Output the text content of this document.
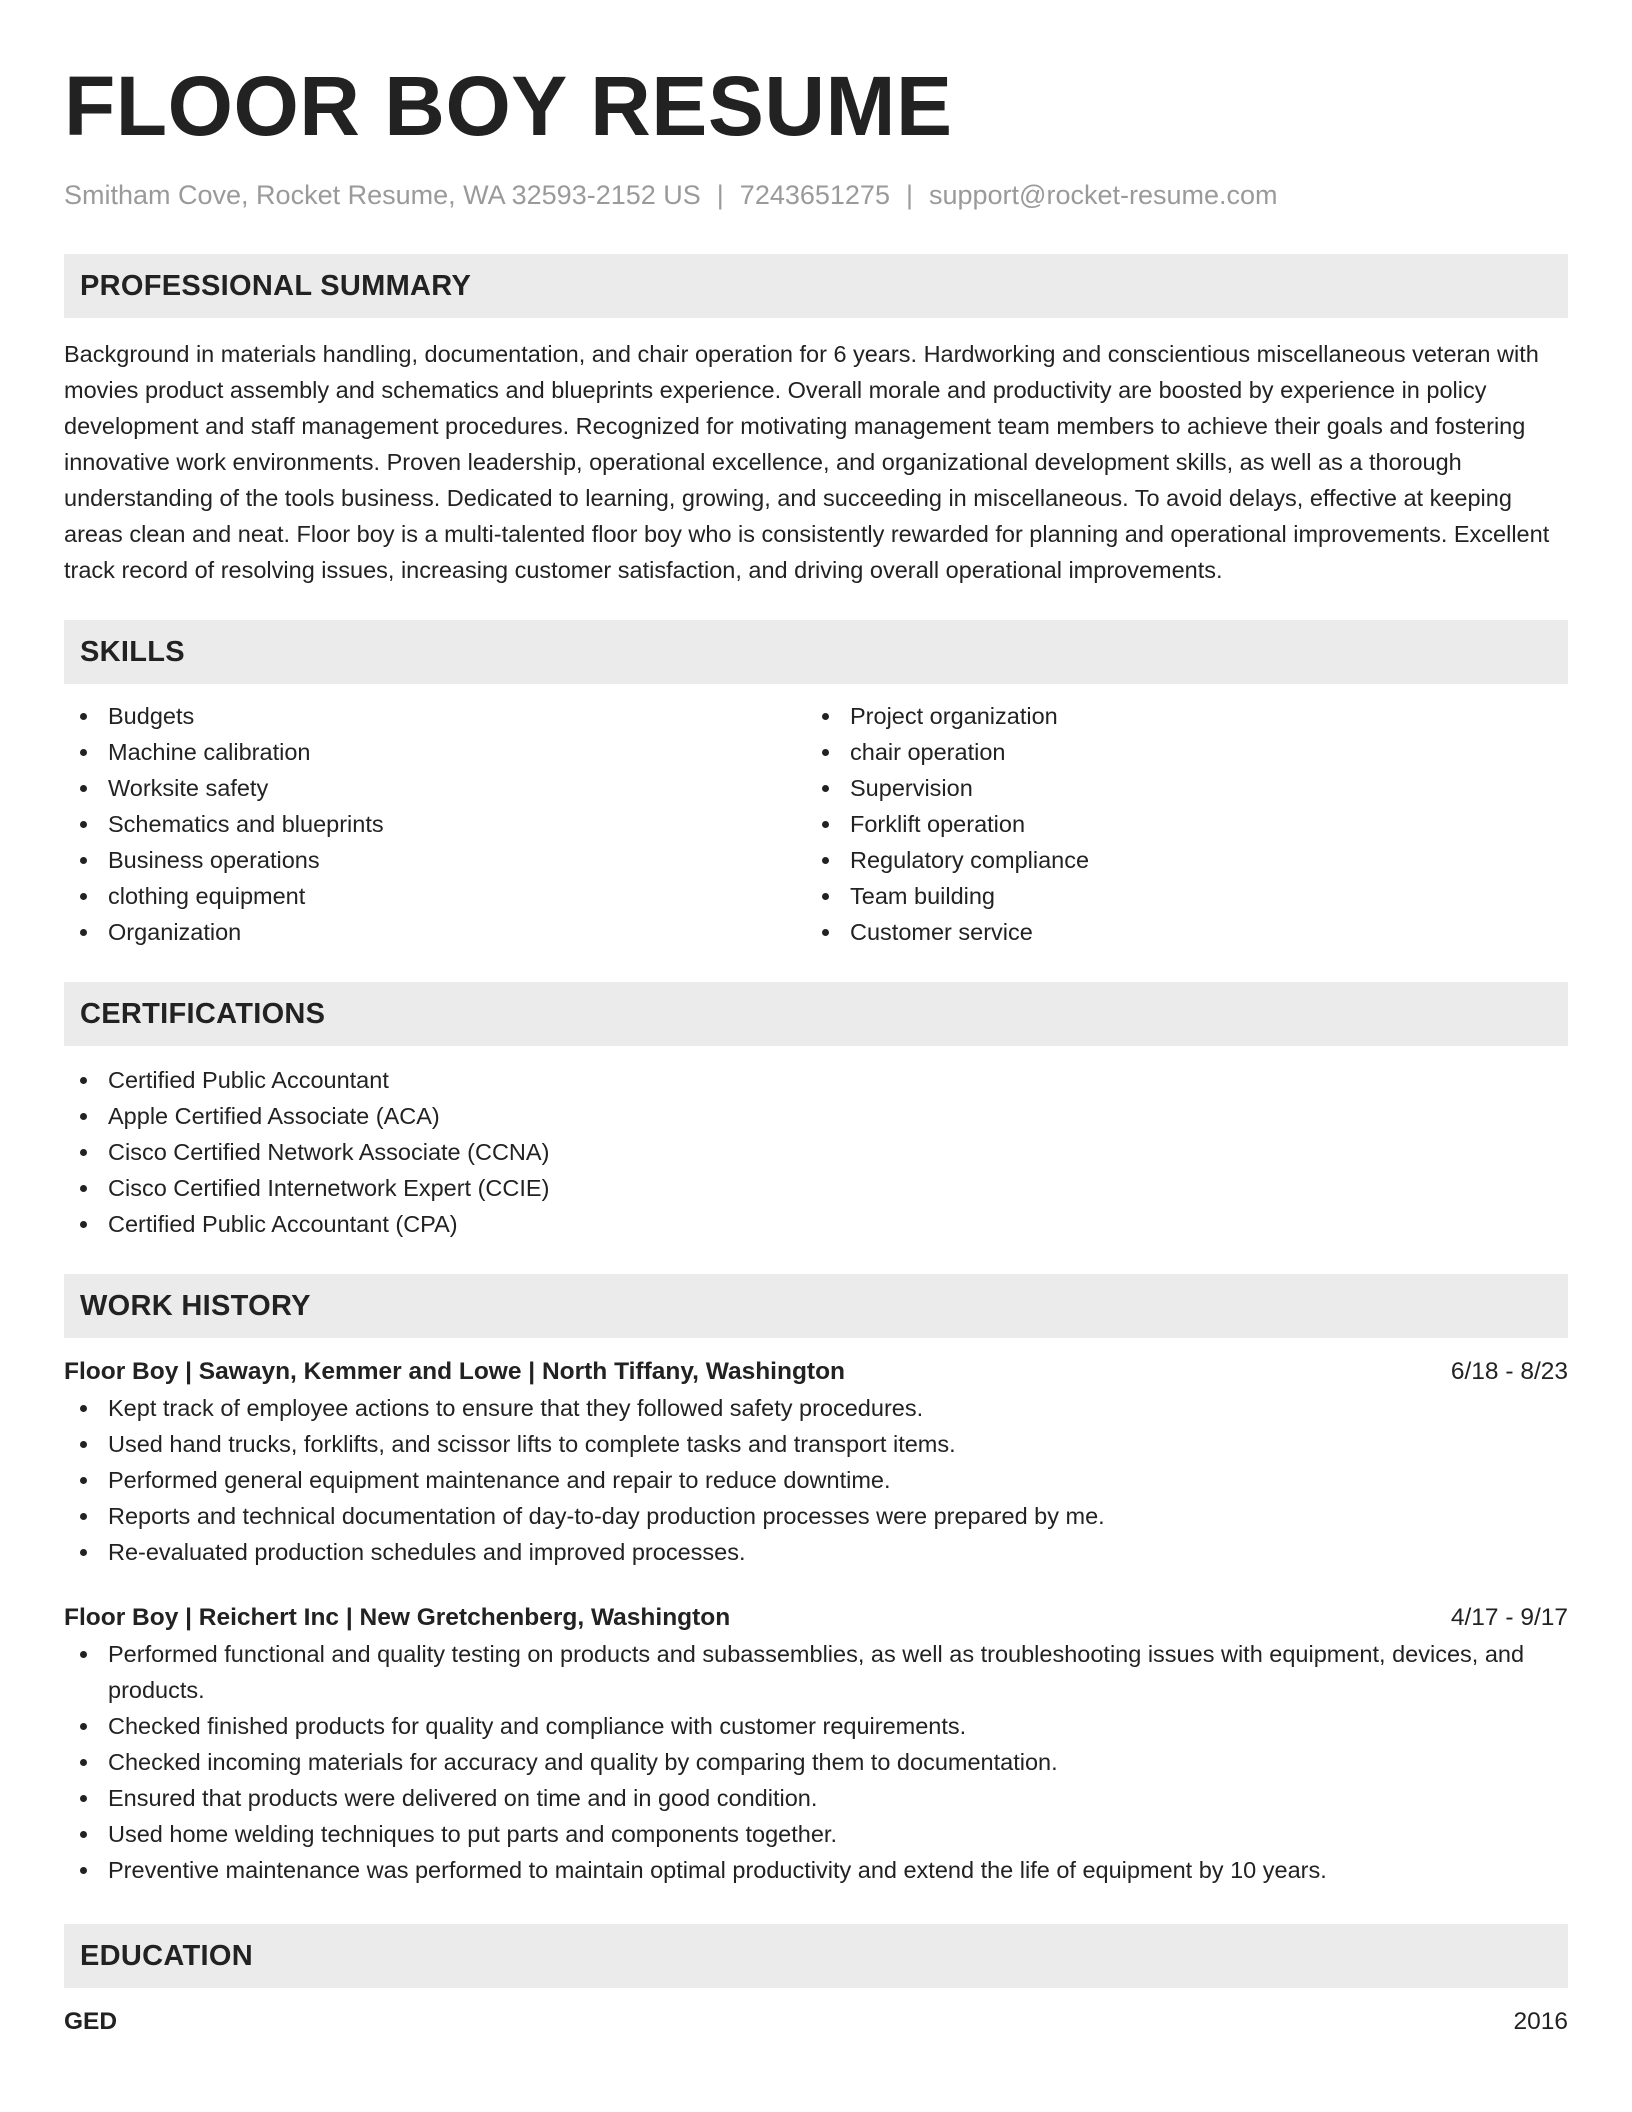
FLOOR BOY RESUME
Smitham Cove, Rocket Resume, WA 32593-2152 US | 7243651275 | support@rocket-resume.com
PROFESSIONAL SUMMARY
Background in materials handling, documentation, and chair operation for 6 years. Hardworking and conscientious miscellaneous veteran with movies product assembly and schematics and blueprints experience. Overall morale and productivity are boosted by experience in policy development and staff management procedures. Recognized for motivating management team members to achieve their goals and fostering innovative work environments. Proven leadership, operational excellence, and organizational development skills, as well as a thorough understanding of the tools business. Dedicated to learning, growing, and succeeding in miscellaneous. To avoid delays, effective at keeping areas clean and neat. Floor boy is a multi-talented floor boy who is consistently rewarded for planning and operational improvements. Excellent track record of resolving issues, increasing customer satisfaction, and driving overall operational improvements.
SKILLS
Budgets
Machine calibration
Worksite safety
Schematics and blueprints
Business operations
clothing equipment
Organization
Project organization
chair operation
Supervision
Forklift operation
Regulatory compliance
Team building
Customer service
CERTIFICATIONS
Certified Public Accountant
Apple Certified Associate (ACA)
Cisco Certified Network Associate (CCNA)
Cisco Certified Internetwork Expert (CCIE)
Certified Public Accountant (CPA)
WORK HISTORY
Floor Boy | Sawayn, Kemmer and Lowe | North Tiffany, Washington	6/18 - 8/23
Kept track of employee actions to ensure that they followed safety procedures.
Used hand trucks, forklifts, and scissor lifts to complete tasks and transport items.
Performed general equipment maintenance and repair to reduce downtime.
Reports and technical documentation of day-to-day production processes were prepared by me.
Re-evaluated production schedules and improved processes.
Floor Boy | Reichert Inc | New Gretchenberg, Washington	4/17 - 9/17
Performed functional and quality testing on products and subassemblies, as well as troubleshooting issues with equipment, devices, and products.
Checked finished products for quality and compliance with customer requirements.
Checked incoming materials for accuracy and quality by comparing them to documentation.
Ensured that products were delivered on time and in good condition.
Used home welding techniques to put parts and components together.
Preventive maintenance was performed to maintain optimal productivity and extend the life of equipment by 10 years.
EDUCATION
GED	2016
